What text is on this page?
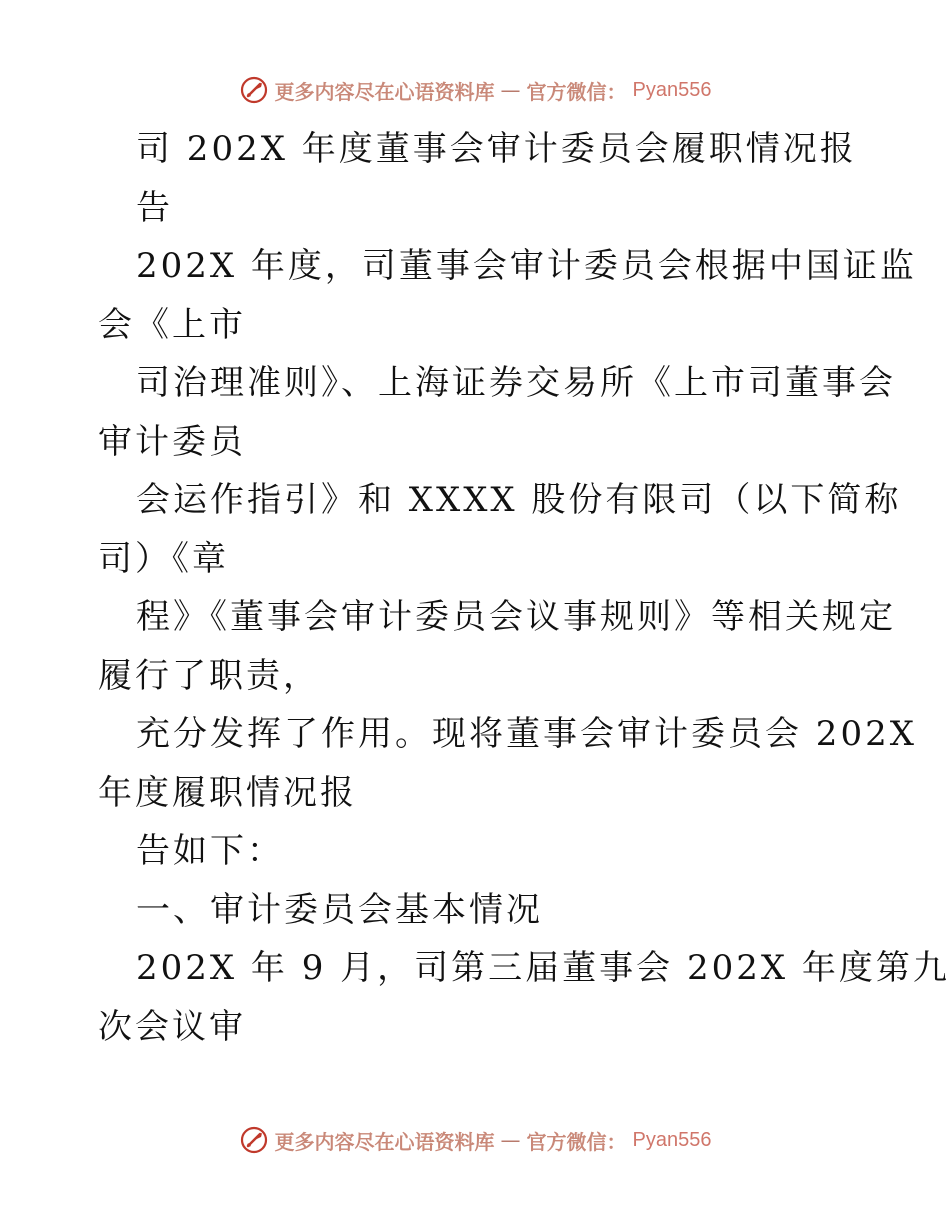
更多内容尽在心语资料库 — 官方微信： Pyan556
司 202X 年度董事会审计委员会履职情况报
告
202X 年度，司董事会审计委员会根据中国证监
会《上市
司治理准则》、上海证券交易所《上市司董事会
审计委员
会运作指引》和 XXXX 股份有限司（以下简称
司）《章
程》《董事会审计委员会议事规则》等相关规定
履行了职责，
充分发挥了作用。现将董事会审计委员会 202X
年度履职情况报
告如下：
一、审计委员会基本情况
202X 年 9 月，司第三届董事会 202X 年度第九
次会议审
更多内容尽在心语资料库 — 官方微信： Pyan556
